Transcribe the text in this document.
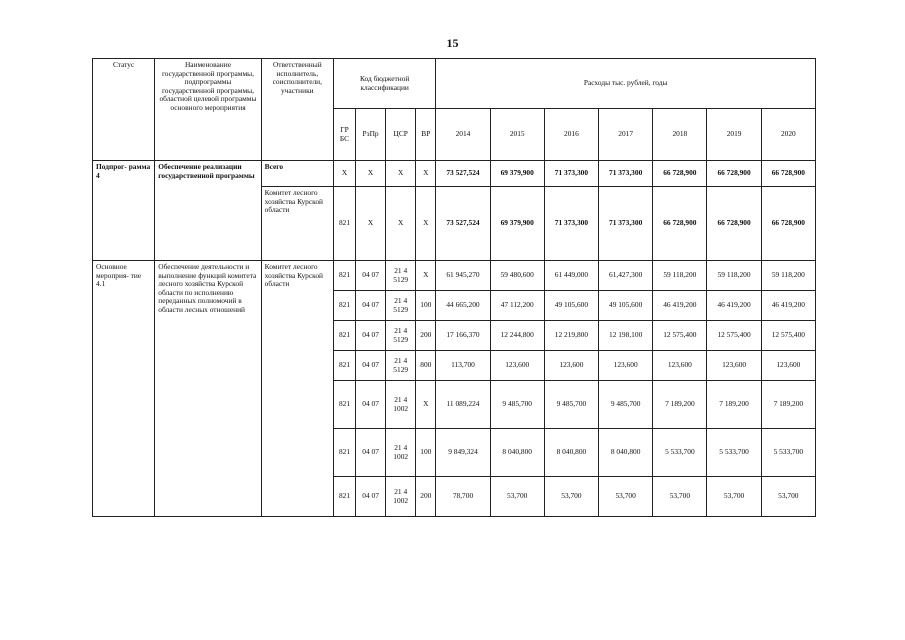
15
Статус	Наименование государственной программы, подпрограммы государственной программы, областной целевой программы основного мероприятия	Ответственный исполнитель, соисполнители, участники	Код бюджетной классификации				Расходы тыс. рублей, годы						
			ГР БС	РзПр	ЦСР	ВР	2014	2015	2016	2017	2018	2019	2020
Подпрог- рамма 4	Обеспечение реализации государственной программы	Всего	Х	Х	Х	Х	73 527,524	69 379,900	71 373,300	71 373,300	66 728,900	66 728,900	66 728,900
		Комитет лесного хозяйства Курской области	821	Х	Х	Х	73 527,524	69 379,900	71 373,300	71 373,300	66 728,900	66 728,900	66 728,900
Основное мероприя- тие 4.1	Обеспечение деятельности и выполнение функций комитета лесного хозяйства Курской области по исполнению переданных полномочий в области лесных отношений	Комитет лесного хозяйства Курской области	821	04 07	21 4 5129	Х	61 945,270	59 480,600	61 449,000	61,427,300	59 118,200	59 118,200	59 118,200
			821	04 07	21 4 5129	100	44 665,200	47 112,200	49 105,600	49 105,600	46 419,200	46 419,200	46 419,200
			821	04 07	21 4 5129	200	17 166,370	12 244,800	12 219,800	12 198,100	12 575,400	12 575,400	12 575,400
			821	04 07	21 4 5129	800	113,700	123,600	123,600	123,600	123,600	123,600	123,600
			821	04 07	21 4 1002	Х	11 089,224	9 485,700	9 485,700	9 485,700	7 189,200	7 189,200	7 189,200
			821	04 07	21 4 1002	100	9 849,324	8 040,800	8 040,800	8 040,800	5 533,700	5 533,700	5 533,700
			821	04 07	21 4 1002	200	78,700	53,700	53,700	53,700	53,700	53,700	53,700
